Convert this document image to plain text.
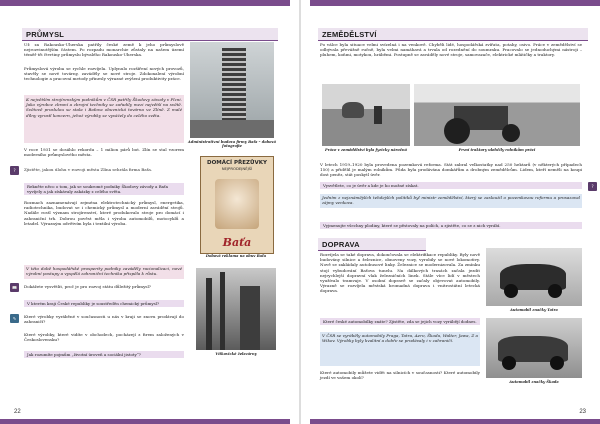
PRŮMYSL

Už za Rakousko-Uherska patřily české země k jeho průmyslově nejrozvinutějším částem. Po rozpadu monarchie zůstaly na našem území téměř tři čtvrtiny průmyslu bývalého Rakousko-Uherska.

Průmyslová výroba se rychle rozvíjela. Uplynulo rozšíření nových provozů, stavěly se nové továrny, zaváděly se nové stroje. Zdokonalení výrobní technologie a pracovní metody přinesly výrazné zvýšení produktivity práce.

K největším strojírenským podnikům v ČSR patřily Škodovy závody v Plzni. Jako výrobce zbraní a zbrojní techniky se zařadily mezi největší na světě. Světově proslulou se stala i Baťova obuvnická továrna ve Zlíně. Z malé dílny vyrostl koncern, jehož výrobky se vyvážely do celého světa.

V roce 1931 se dosáhlo rekordu – 1 milion párů bot. Zlín se stal vzorem moderního průmyslového města.

?	Zjistěte, jakou úlohu v rozvoji města Zlína sehrála firma Baťa.

Rekněte něco o tom, jak se soukromé podniky Škodovy závody a Baťa vyvíjely a jak získávaly zakázky z celého světa.

Rozmach zaznamenávají zejména elektrotechnický průmysl, energetika, radiotechnika, budovat se i chemický průmysl a moderní zavádění strojů. Nadále rostl význam strojírenství, které produkovalo stroje pro domácí i zahraniční trh. Dobrou pověst měla i výroba automobilů, motocyklů a letadel. Výrazným odvětvím byla i textilní výroba.

V této době hospodářské prosperity podniky zaváděly racionalizaci, nové výrobní postupy a vyspělá zahraniční technika přispěla k růstu.

📖	Dokážete vysvětlit, proč je pro rozvoj státu důležitý průmysl?

V kterém kraji České republiky je soustředěn chemický průmysl?
✎	Které výrobky vyráběné v současnosti u nás v kraji se znovu prodávají do zahraničí?

Které výrobky, které vidíte v obchodech, pocházejí z firem založených v Československu?

Jak rozumíte pojmům „životní úroveň a sociální jistoty“?
Administrativní budova firmy Baťa – dobová fotografie
DOMÁCÍ PŘEZŮVKY
NEJPRODEJNĚJŠÍ
Baťa
Dobová reklama na obuv Baťa
Vítkovické železárny
22
ZEMĚDĚLSTVÍ

Po válce byla situace velmi svízelná i na venkově. Chyběli lidé, hospodářská zvířata, potahy, osivo. Práce v zemědělství se odbývala převážně ručně, byla velmi namáhavá a trvala od rozednění do soumraku. Pracovalo se jednoduchými nástroji – pluhem, koňmi, motykou, hráběmi. Postupně se zaváděly nové stroje, samovazače, elektrické mlátičky a traktory.

Práce v zemědělství byla fyzicky náročná	První traktory ulehčily rolníkům práci

V letech 1919–1920 byla provedena pozemková reforma. Stát zabral velkostatky nad 250 hektarů (v některých případech 150) a přidělil je malým rolníkům. Půda byla prodávána domkářům a drobným zemědělcům. Lidem, kteří neměli na koupi dost peněz, stát poskytl úvěr.

?
Vysvětlete, co je úvěr a kde je ho možné získat.

Jedním z nejznámějších tehdejších politiků byl ministr zemědělství, který se zasloužil o pozemkovou reformu a prosazoval zájmy venkova.

Vyjmenujte všechny plodiny, které se pěstovaly na polích, a zjistěte, co se z nich vyrábí.
DOPRAVA

Rozvíjela se také doprava, dokončovala se elektrifikace republiky. Byly nově budovány silnice a železnice, obnoveny vozy, vyrobily se nové lokomotivy. Nově se zakládaly autobusové linky. Železnice se modernizovala. Za zmínku stojí vybudování Baťova tunelu. Na dálkových trasách začala jezdit nejrychlejší dopravní vlak železničních linek. Stále více lidí v městech využívalo tramvaje. V osobní dopravě se začaly objevovat automobily. Výrazně se rozvíjela městská hromadná doprava i vnitrostátní letecká doprava.

Automobil značky Tatra
Které české automobilky znáte? Zjistěte, zda se jejich vozy vyrábějí dodnes.

V ČSR se vyráběly automobily Praga, Tatra, Aero, Škoda, Walter, Jawa, Z a Wikov. Výrobky byly kvalitní a dobře se prodávaly i v zahraničí.

Které automobily můžete vidět na silnicích v současnosti? Které automobily jezdí ve vašem okolí?

Automobil značky Škoda
23
